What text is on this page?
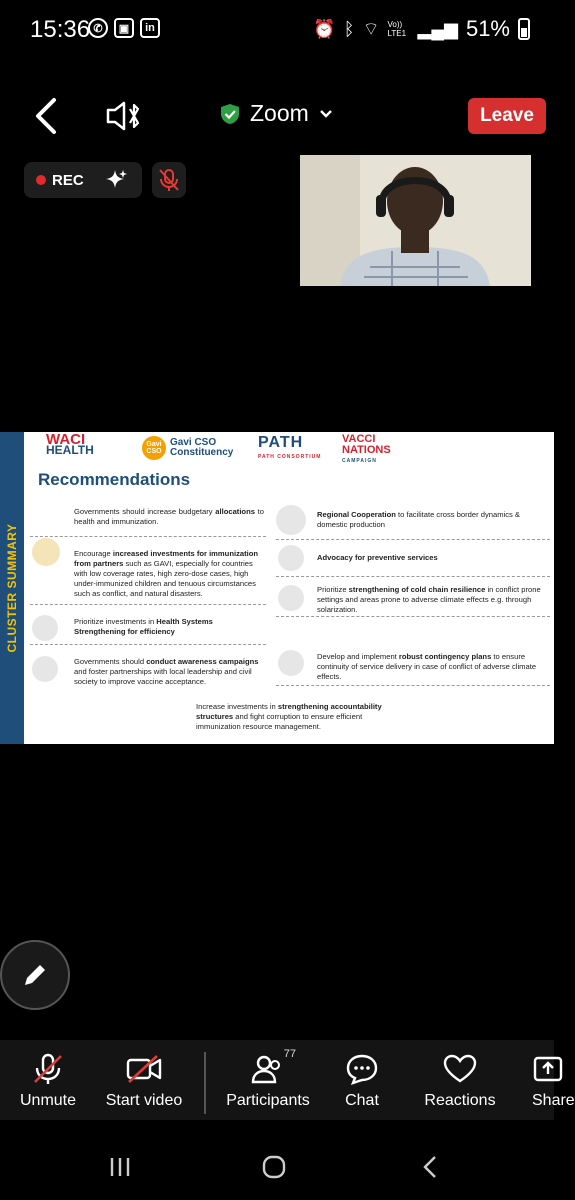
15:36 ✆	▣	in	⏰ ᛒ ⌔ Vo)) LTE1 ▂▄▆ 51%
Zoom	Leave
REC
CLUSTER SUMMARY
WACI
HEALTH	Gavi CSO
Gavi CSO
Constituency
PATH
PATH CONSORTIUM
VACCI
NATIONS
CAMPAIGN
Recommendations
Governments should increase budgetary allocations to health and immunization.
Encourage increased investments for immunization from partners such as GAVI, especially for countries with low coverage rates, high zero-dose cases, high under-immunized children and tenuous circumstances such as conflict, and natural disasters.
Prioritize investments in Health Systems Strengthening for efficiency
Governments should conduct awareness campaigns and foster partnerships with local leadership and civil society to improve vaccine acceptance.
Regional Cooperation to facilitate cross border dynamics & domestic production
Advocacy for preventive services
Prioritize strengthening of cold chain resilience in conflict prone settings and areas prone to adverse climate effects e.g. through solarization.
Develop and implement robust contingency plans to ensure continuity of service delivery in case of conflict of adverse climate effects.
Increase investments in strengthening accountability structures and fight corruption to ensure efficient immunization resource management.
Unmute Start video
77
Participants Chat	Reactions Share
